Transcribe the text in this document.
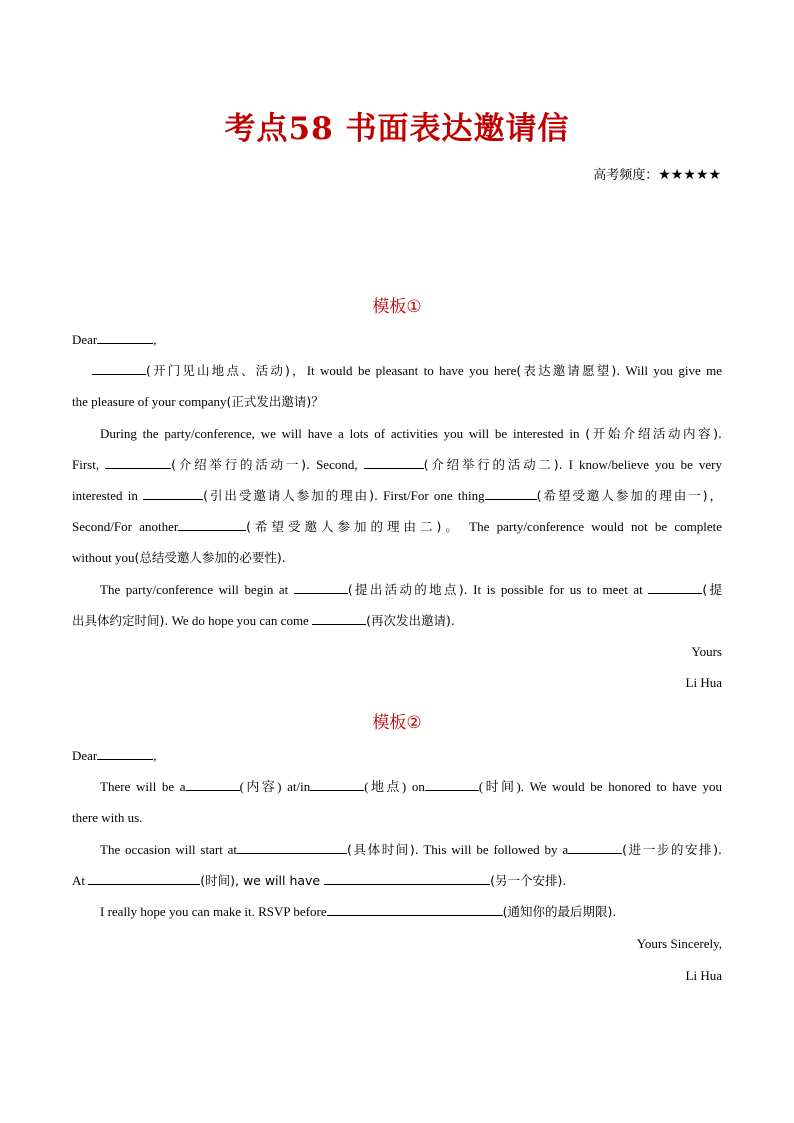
考点58 书面表达邀请信
高考频度：★★★★★
模板①
Dear	,
(开门见山地点、活动)，It would be pleasant to have you here(表达邀请愿望). Will you give me
the pleasure of your company(正式发出邀请)？
During the party/conference, we will have a lots of activities you will be interested in (开始介绍活动内容).
First,	(介绍举行的活动一). Second,	(介绍举行的活动二). I know/believe you be very
interested in	(引出受邀请人参加的理由). First/For one thing	(希望受邀人参加的理由一)，
Second/For another	(希望受邀人参加的理由二)。 The party/conference would not be complete
without you(总结受邀人参加的必要性).
The party/conference will begin at	(提出活动的地点). It is possible for us to meet at	(提
出具体约定时间). We do hope you can come	(再次发出邀请).
Yours
Li Hua
模板②
Dear	,
There will be a	(内容) at/in	(地点) on	(时间). We would be honored to have you
there with us.
The occasion will start at	(具体时间). This will be followed by a	(进一步的安排).
At	(时间), we will have	(另一个安排).
I really hope you can make it. RSVP before	(通知你的最后期限).
Yours Sincerely,
Li Hua
